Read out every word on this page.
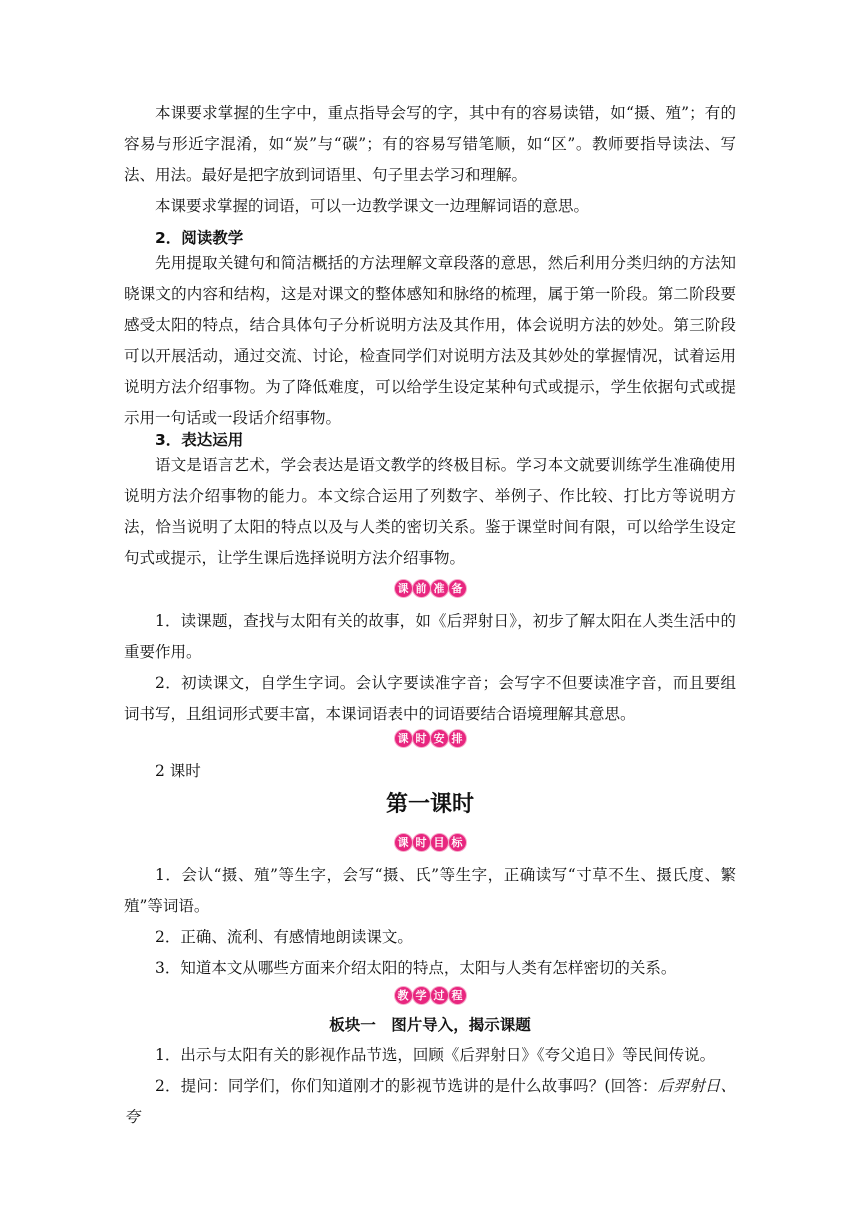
本课要求掌握的生字中，重点指导会写的字，其中有的容易读错，如“摄、殖”；有的容易与形近字混淆，如“炭”与“碳”；有的容易写错笔顺，如“区”。教师要指导读法、写法、用法。最好是把字放到词语里、句子里去学习和理解。

本课要求掌握的词语，可以一边教学课文一边理解词语的意思。

2．阅读教学

先用提取关键句和简洁概括的方法理解文章段落的意思，然后利用分类归纳的方法知晓课文的内容和结构，这是对课文的整体感知和脉络的梳理，属于第一阶段。第二阶段要感受太阳的特点，结合具体句子分析说明方法及其作用，体会说明方法的妙处。第三阶段可以开展活动，通过交流、讨论，检查同学们对说明方法及其妙处的掌握情况，试着运用说明方法介绍事物。为了降低难度，可以给学生设定某种句式或提示，学生依据句式或提示用一句话或一段话介绍事物。

3．表达运用

语文是语言艺术，学会表达是语文教学的终极目标。学习本文就要训练学生准确使用说明方法介绍事物的能力。本文综合运用了列数字、举例子、作比较、打比方等说明方法，恰当说明了太阳的特点以及与人类的密切关系。鉴于课堂时间有限，可以给学生设定句式或提示，让学生课后选择说明方法介绍事物。

课 前 准 备

1．读课题，查找与太阳有关的故事，如《后羿射日》，初步了解太阳在人类生活中的重要作用。

2．初读课文，自学生字词。会认字要读准字音；会写字不但要读准字音，而且要组词书写，且组词形式要丰富，本课词语表中的词语要结合语境理解其意思。

课 时 安 排

2 课时

第一课时
课 时 目 标

1．会认“摄、殖”等生字，会写“摄、氏”等生字，正确读写“寸草不生、摄氏度、繁殖”等词语。

2．正确、流利、有感情地朗读课文。

3．知道本文从哪些方面来介绍太阳的特点，太阳与人类有怎样密切的关系。

教 学 过 程

板块一　图片导入，揭示课题

1．出示与太阳有关的影视作品节选，回顾《后羿射日》《夸父追日》等民间传说。

2．提问：同学们，你们知道刚才的影视节选讲的是什么故事吗？(回答：后羿射日、夸
